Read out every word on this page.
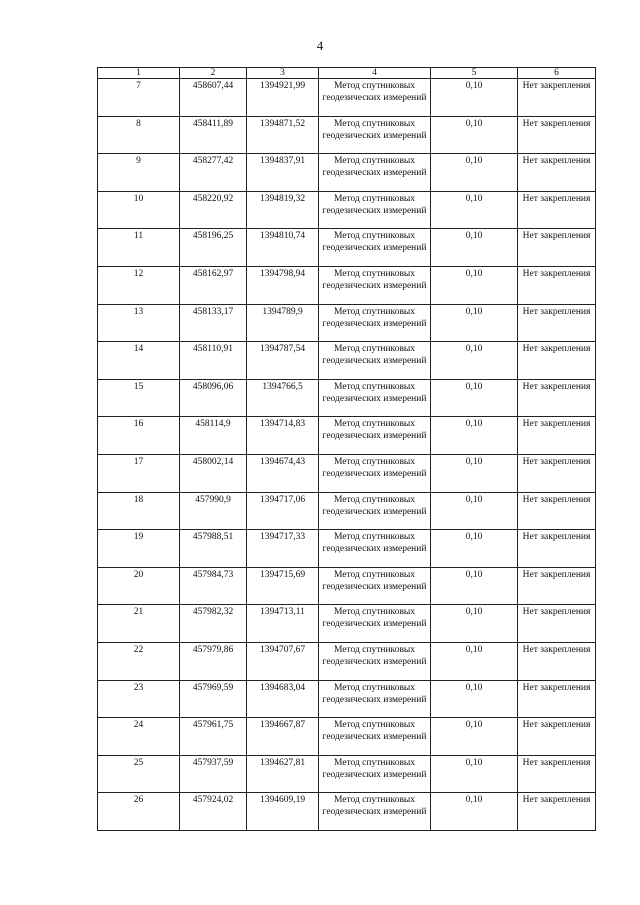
4
1	2	3	4	5	6
7	458607,44	1394921,99	Метод спутниковых геодезических измерений	0,10	Нет закрепления
8	458411,89	1394871,52	Метод спутниковых геодезических измерений	0,10	Нет закрепления
9	458277,42	1394837,91	Метод спутниковых геодезических измерений	0,10	Нет закрепления
10	458220,92	1394819,32	Метод спутниковых геодезических измерений	0,10	Нет закрепления
11	458196,25	1394810,74	Метод спутниковых геодезических измерений	0,10	Нет закрепления
12	458162,97	1394798,94	Метод спутниковых геодезических измерений	0,10	Нет закрепления
13	458133,17	1394789,9	Метод спутниковых геодезических измерений	0,10	Нет закрепления
14	458110,91	1394787,54	Метод спутниковых геодезических измерений	0,10	Нет закрепления
15	458096,06	1394766,5	Метод спутниковых геодезических измерений	0,10	Нет закрепления
16	458114,9	1394714,83	Метод спутниковых геодезических измерений	0,10	Нет закрепления
17	458002,14	1394674,43	Метод спутниковых геодезических измерений	0,10	Нет закрепления
18	457990,9	1394717,06	Метод спутниковых геодезических измерений	0,10	Нет закрепления
19	457988,51	1394717,33	Метод спутниковых геодезических измерений	0,10	Нет закрепления
20	457984,73	1394715,69	Метод спутниковых геодезических измерений	0,10	Нет закрепления
21	457982,32	1394713,11	Метод спутниковых геодезических измерений	0,10	Нет закрепления
22	457979,86	1394707,67	Метод спутниковых геодезических измерений	0,10	Нет закрепления
23	457969,59	1394683,04	Метод спутниковых геодезических измерений	0,10	Нет закрепления
24	457961,75	1394667,87	Метод спутниковых геодезических измерений	0,10	Нет закрепления
25	457937,59	1394627,81	Метод спутниковых геодезических измерений	0,10	Нет закрепления
26	457924,02	1394609,19	Метод спутниковых геодезических измерений	0,10	Нет закрепления
